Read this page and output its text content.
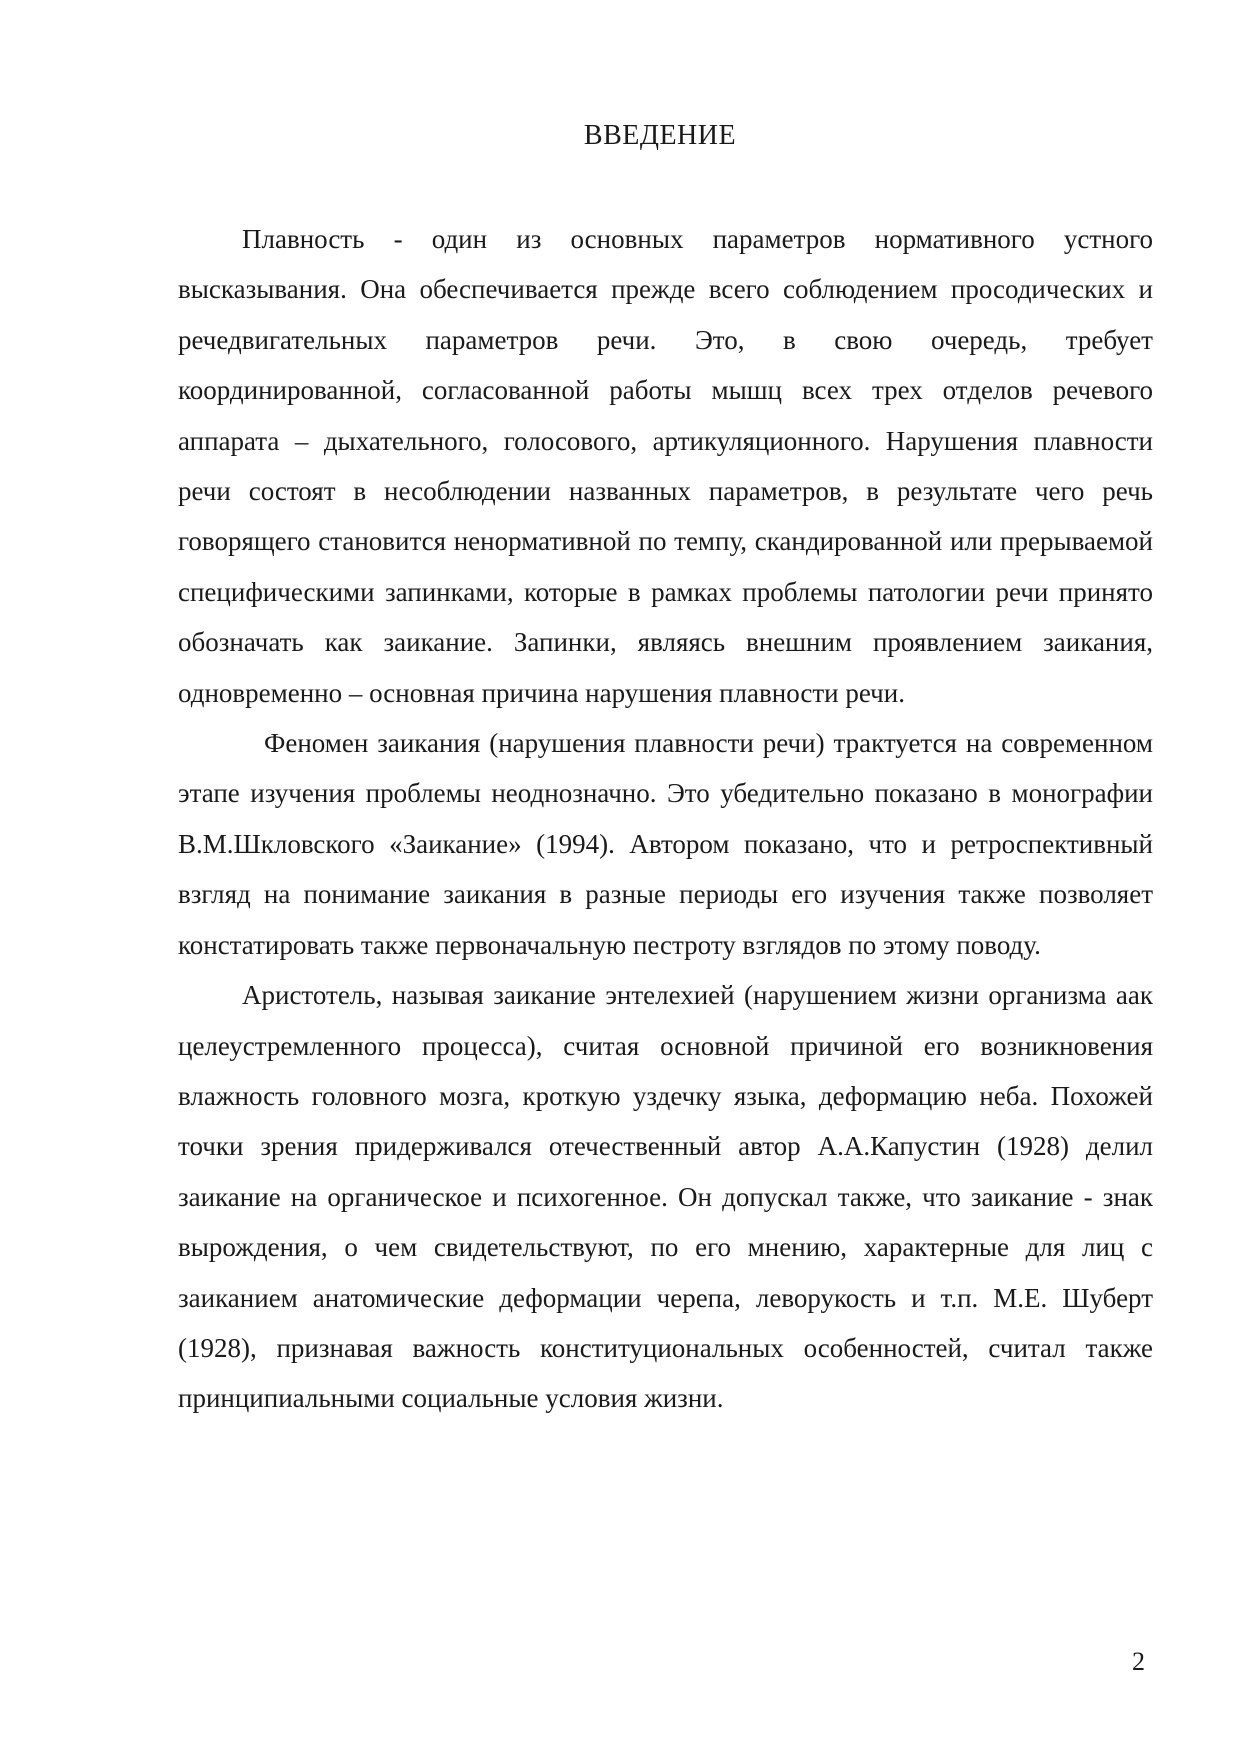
ВВЕДЕНИЕ

Плавность - один из основных параметров нормативного устного высказывания. Она обеспечивается прежде всего соблюдением просодических и речедвигательных параметров речи. Это, в свою очередь, требует координированной, согласованной работы мышц всех трех отделов речевого аппарата – дыхательного, голосового, артикуляционного. Нарушения плавности речи состоят в несоблюдении названных параметров, в результате чего речь говорящего становится ненормативной по темпу, скандированной или прерываемой специфическими запинками, которые в рамках проблемы патологии речи принято обозначать как заикание. Запинки, являясь внешним проявлением заикания, одновременно – основная причина нарушения плавности речи.

Феномен заикания (нарушения плавности речи) трактуется на современном этапе изучения проблемы неоднозначно. Это убедительно показано в монографии В.М.Шкловского «Заикание» (1994). Автором показано, что и ретроспективный взгляд на понимание заикания в разные периоды его изучения также позволяет констатировать также первоначальную пестроту взглядов по этому поводу.

Аристотель, называя заикание энтелехией (нарушением жизни организма аак целеустремленного процесса), считая основной причиной его возникновения влажность головного мозга, кроткую уздечку языка, деформацию неба. Похожей точки зрения придерживался отечественный автор А.А.Капустин (1928) делил заикание на органическое и психогенное. Он допускал также, что заикание - знак вырождения, о чем свидетельствуют, по его мнению, характерные для лиц с заиканием анатомические деформации черепа, леворукость и т.п. М.Е. Шуберт (1928), признавая важность конституциональных особенностей, считал также принципиальными социальные условия жизни.

2
